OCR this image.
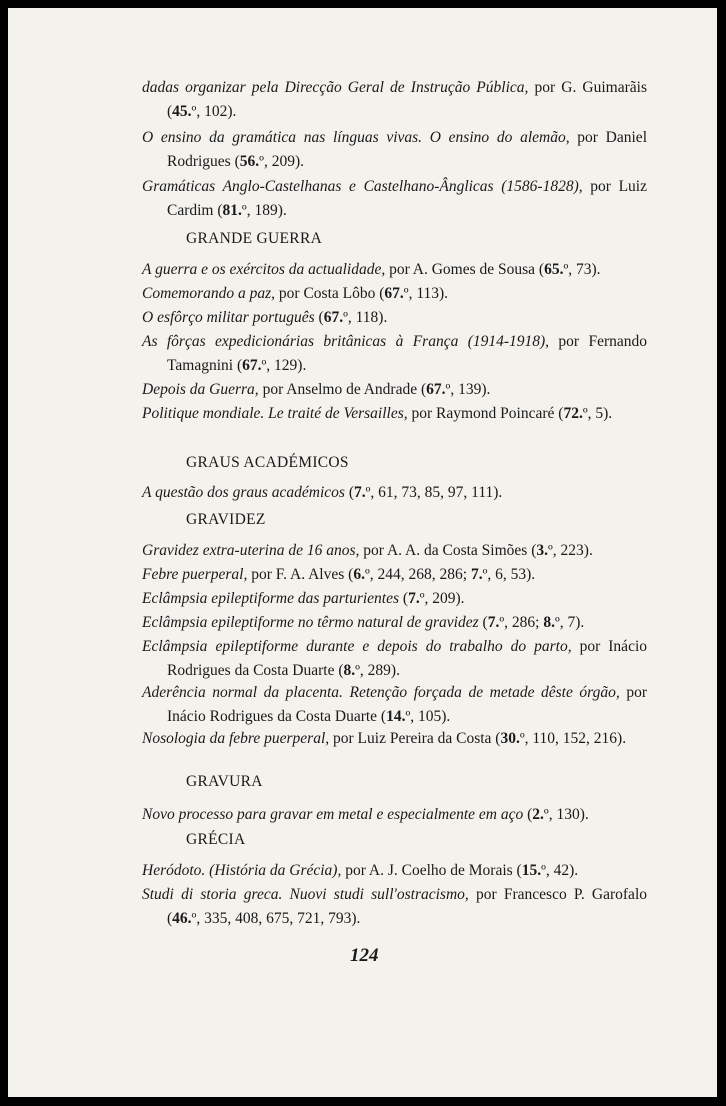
dadas organizar pela Direcção Geral de Instrução Pública, por G. Guimarãis (45.º, 102).
O ensino da gramática nas línguas vivas. O ensino do alemão, por Daniel Rodrigues (56.º, 209).
Gramáticas Anglo-Castelhanas e Castelhano-Ânglicas (1586-1828), por Luiz Cardim (81.º, 189).
GRANDE GUERRA
A guerra e os exércitos da actualidade, por A. Gomes de Sousa (65.º, 73).
Comemorando a paz, por Costa Lôbo (67.º, 113).
O esfôrço militar português (67.º, 118).
As fôrças expedicionárias britânicas à França (1914-1918), por Fernando Tamagnini (67.º, 129).
Depois da Guerra, por Anselmo de Andrade (67.º, 139).
Politique mondiale. Le traité de Versailles, por Raymond Poincaré (72.º, 5).
GRAUS ACADÉMICOS
A questão dos graus académicos (7.º, 61, 73, 85, 97, 111).
GRAVIDEZ
Gravidez extra-uterina de 16 anos, por A. A. da Costa Simões (3.º, 223).
Febre puerperal, por F. A. Alves (6.º, 244, 268, 286; 7.º, 6, 53).
Eclâmpsia epileptiforme das parturientes (7.º, 209).
Eclâmpsia epileptiforme no têrmo natural de gravidez (7.º, 286; 8.º, 7).
Eclâmpsia epileptiforme durante e depois do trabalho do parto, por Inácio Rodrigues da Costa Duarte (8.º, 289).
Aderência normal da placenta. Retenção forçada de metade dêste órgão, por Inácio Rodrigues da Costa Duarte (14.º, 105).
Nosologia da febre puerperal, por Luiz Pereira da Costa (30.º, 110, 152, 216).
GRAVURA
Novo processo para gravar em metal e especialmente em aço (2.º, 130).
GRÉCIA
Heródoto. (História da Grécia), por A. J. Coelho de Morais (15.º, 42).
Studi di storia greca. Nuovi studi sull'ostracismo, por Francesco P. Garofalo (46.º, 335, 408, 675, 721, 793).
124
